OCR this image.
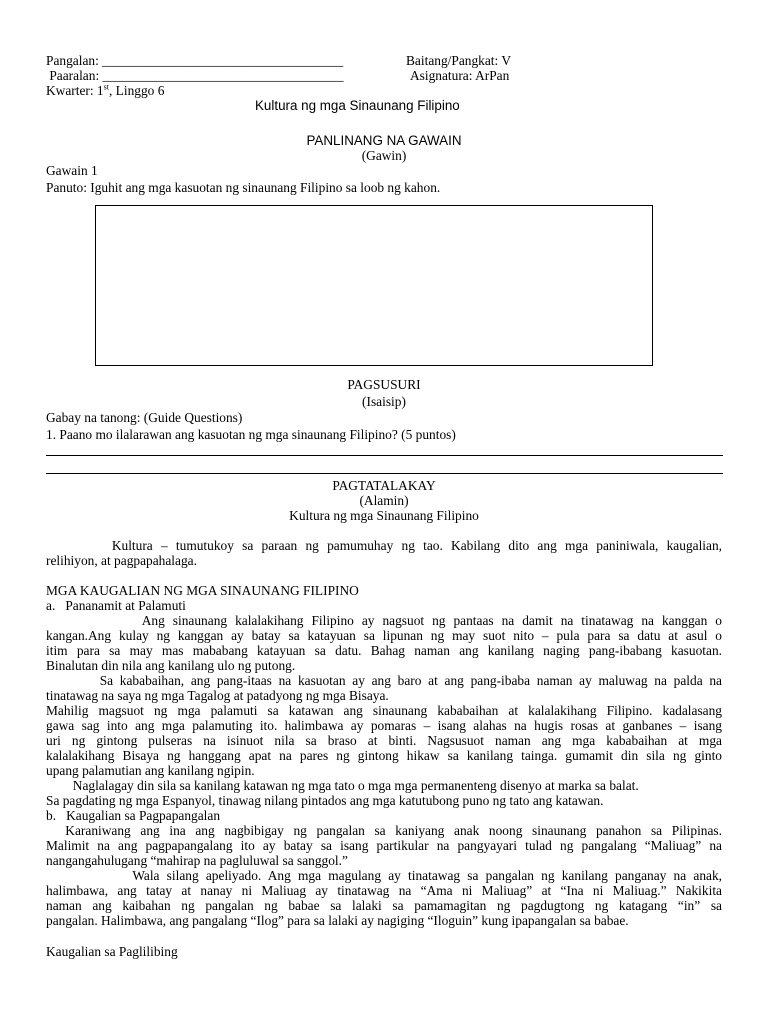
Pangalan: ____________________________________	Baitang/Pangkat: V
Paaralan: ____________________________________	Asignatura: ArPan
Kwarter: 1st, Linggo 6
Kultura ng mga Sinaunang Filipino
PANLINANG NA GAWAIN
(Gawin)
Gawain 1
Panuto: Iguhit ang mga kasuotan ng sinaunang Filipino sa loob ng kahon.
PAGSUSURI
(Isaisip)
Gabay na tanong: (Guide Questions)
1. Paano mo ilalarawan ang kasuotan ng mga sinaunang Filipino? (5 puntos)
PAGTATALAKAY
(Alamin)
Kultura ng mga Sinaunang Filipino
Kultura – tumutukoy sa paraan ng pamumuhay ng tao. Kabilang dito ang mga paniniwala, kaugalian,
relihiyon, at pagpapahalaga.
MGA KAUGALIAN NG MGA SINAUNANG FILIPINO
a.   Pananamit at Palamuti
Ang sinaunang kalalakihang Filipino ay nagsuot ng pantaas na damit na tinatawag na kanggan o
kangan.Ang kulay ng kanggan ay batay sa katayuan sa lipunan ng may suot nito – pula para sa datu at asul o
itim para sa may mas mababang katayuan sa datu. Bahag naman ang kanilang naging pang-ibabang kasuotan.
Binalutan din nila ang kanilang ulo ng putong.
Sa kababaihan, ang pang-itaas na kasuotan ay ang baro at ang pang-ibaba naman ay maluwag na palda na
tinatawag na saya ng mga Tagalog at patadyong ng mga Bisaya.
Mahilig magsuot ng mga palamuti sa katawan ang sinaunang kababaihan at kalalakihang Filipino. kadalasang
gawa sag into ang mga palamuting ito. halimbawa ay pomaras – isang alahas na hugis rosas at ganbanes – isang
uri ng gintong pulseras na isinuot nila sa braso at binti. Nagsusuot naman ang mga kababaihan at mga
kalalakihang Bisaya ng hanggang apat na pares ng gintong hikaw sa kanilang tainga. gumamit din sila ng ginto
upang palamutian ang kanilang ngipin.
Naglalagay din sila sa kanilang katawan ng mga tato o mga mga permanenteng disenyo at marka sa balat.
Sa pagdating ng mga Espanyol, tinawag nilang pintados ang mga katutubong puno ng tato ang katawan.
b.   Kaugalian sa Pagpapangalan
Karaniwang ang ina ang nagbibigay ng pangalan sa kaniyang anak noong sinaunang panahon sa Pilipinas.
Malimit na ang pagpapangalang ito ay batay sa isang partikular na pangyayari tulad ng pangalang “Maliuag” na
nangangahulugang “mahirap na pagluluwal sa sanggol.”
Wala silang apeliyado. Ang mga magulang ay tinatawag sa pangalan ng kanilang panganay na anak,
halimbawa, ang tatay at nanay ni Maliuag ay tinatawag na “Ama ni Maliuag” at “Ina ni Maliuag.” Nakikita
naman ang kaibahan ng pangalan ng babae sa lalaki sa pamamagitan ng pagdugtong ng katagang “in” sa
pangalan. Halimbawa, ang pangalang “Ilog” para sa lalaki ay nagiging “Iloguin” kung ipapangalan sa babae.
Kaugalian sa Paglilibing
